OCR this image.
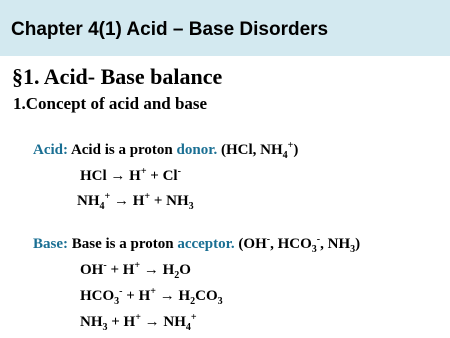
Chapter 4(1) Acid – Base Disorders
§1. Acid- Base balance
1.Concept of acid and base
Acid: Acid is a proton donor. (HCl, $NH_4^+$)
HCl → H+ + Cl-
$NH_4^+ \to H^+ + NH_3$
Base: Base is a proton acceptor. (OH-, $HCO_3^-$, $NH_3$)
$OH^- + H^+ \to H_2O$
$HCO_3^- + H^+ \to H_2CO_3$
$NH_3 + H^+ \to NH_4^+$
